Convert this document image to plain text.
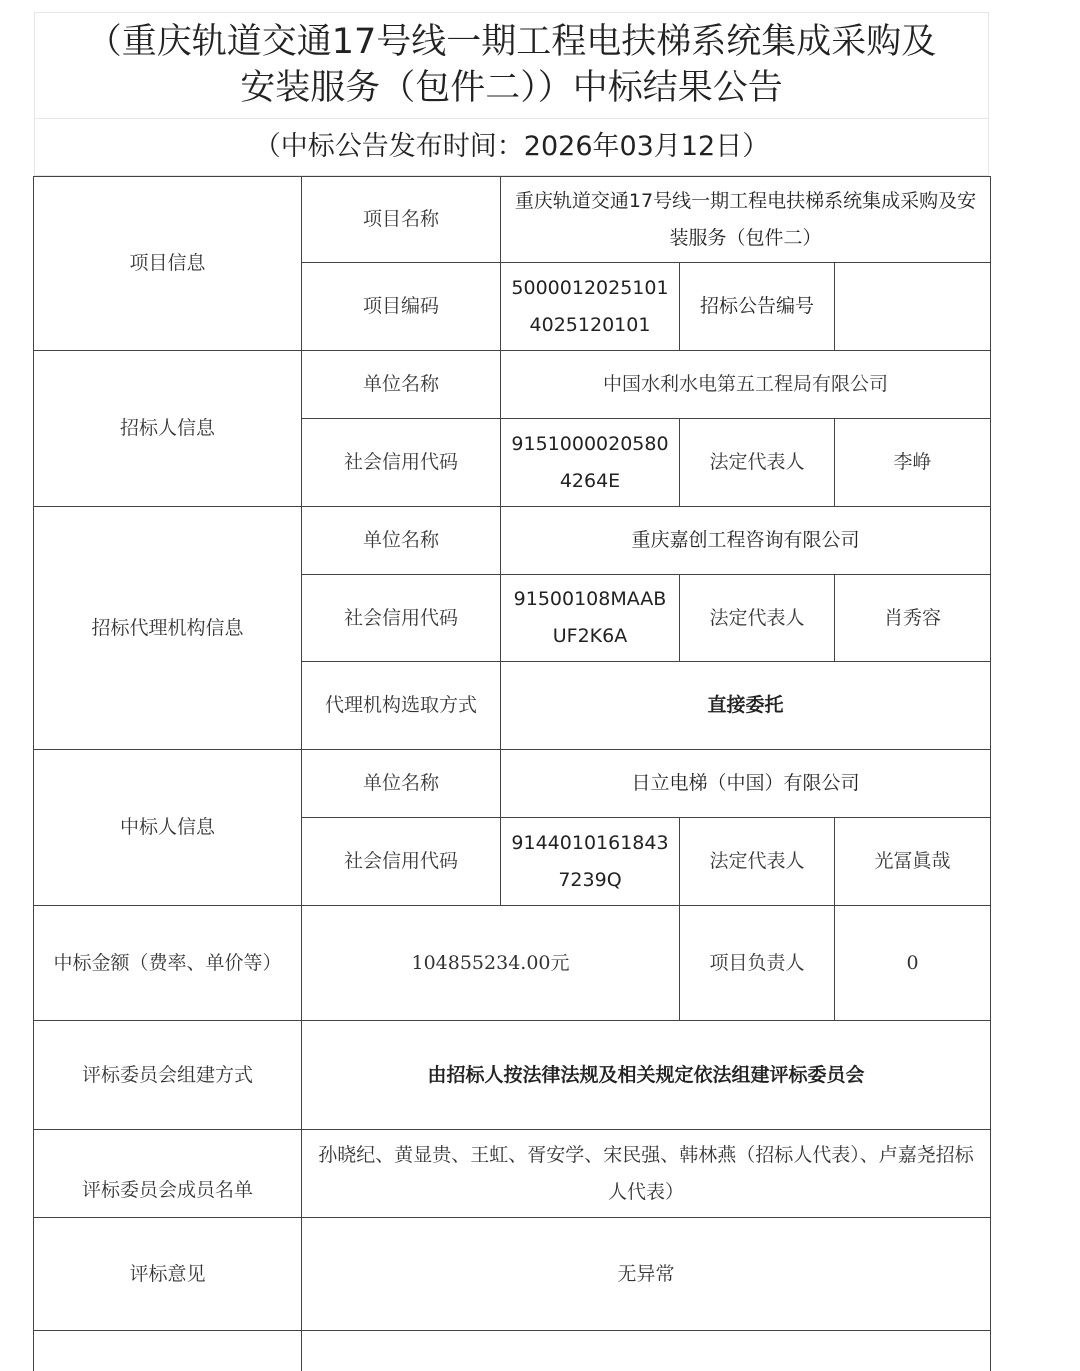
（重庆轨道交通17号线一期工程电扶梯系统集成采购及
安装服务（包件二））中标结果公告
（中标公告发布时间：2026年03月12日）
项目信息	项目名称	重庆轨道交通17号线一期工程电扶梯系统集成采购及安装服务（包件二）		
	项目编码	50000120251014025120101	招标公告编号	
招标人信息	单位名称	中国水利水电第五工程局有限公司		
	社会信用代码	91510000205804264E	法定代表人	李峥
招标代理机构信息	单位名称	重庆嘉创工程咨询有限公司		
	社会信用代码	91500108MAABUF2K6A	法定代表人	肖秀容
	代理机构选取方式	直接委托		
中标人信息	单位名称	日立电梯（中国）有限公司		
	社会信用代码	91440101618437239Q	法定代表人	光冨眞哉
中标金额（费率、单价等）	104855234.00元		项目负责人	0
评标委员会组建方式	由招标人按法律法规及相关规定依法组建评标委员会			
评标委员会成员名单	孙晓纪、黄显贵、王虹、胥安学、宋民强、韩林燕（招标人代表）、卢嘉尧招标人代表）			
评标意见	无异常			
